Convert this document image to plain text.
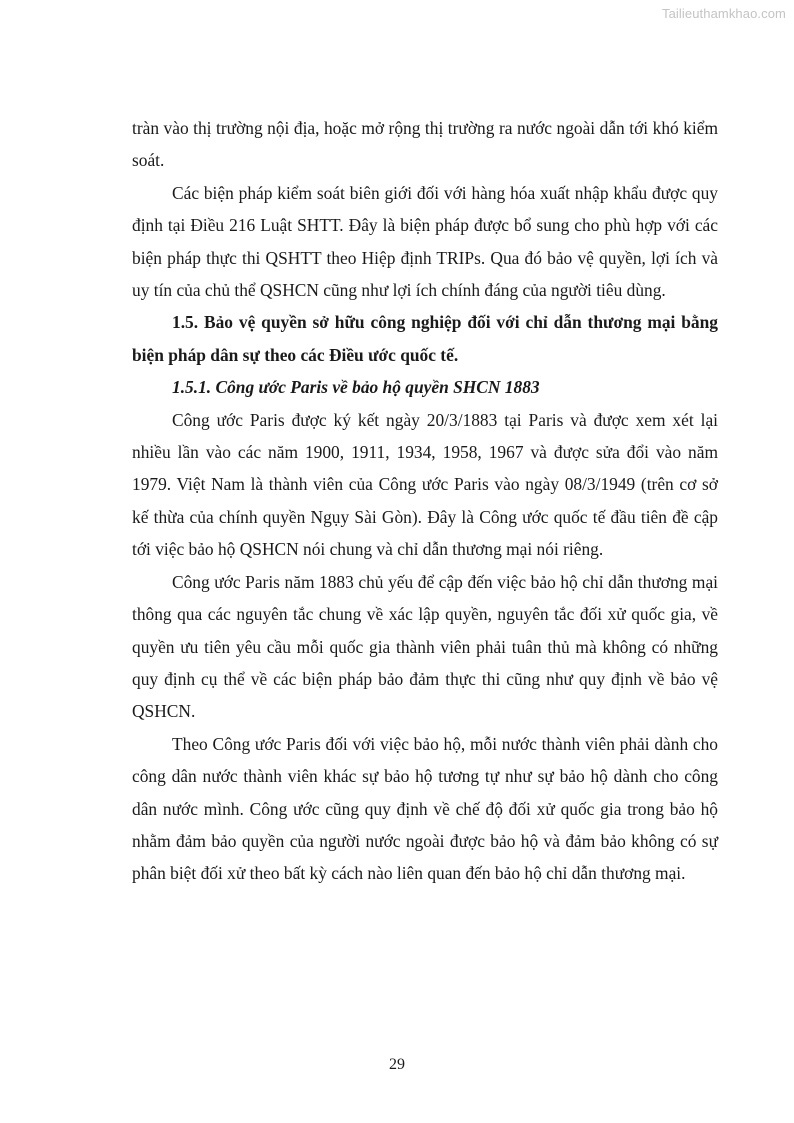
Tailieuthamkhao.com

tràn vào thị trường nội địa, hoặc mở rộng thị trường ra nước ngoài dẫn tới khó kiểm soát.

Các biện pháp kiểm soát biên giới đối với hàng hóa xuất nhập khẩu được quy định tại Điều 216 Luật SHTT. Đây là biện pháp được bổ sung cho phù hợp với các biện pháp thực thi QSHTT theo Hiệp định TRIPs. Qua đó bảo vệ quyền, lợi ích và uy tín của chủ thể QSHCN cũng như lợi ích chính đáng của người tiêu dùng.

1.5. Bảo vệ quyền sở hữu công nghiệp đối với chỉ dẫn thương mại bằng biện pháp dân sự theo các Điều ước quốc tế.

1.5.1. Công ước Paris về bảo hộ quyền SHCN 1883

Công ước Paris được ký kết ngày 20/3/1883 tại Paris và được xem xét lại nhiều lần vào các năm 1900, 1911, 1934, 1958, 1967 và được sửa đổi vào năm 1979. Việt Nam là thành viên của Công ước Paris vào ngày 08/3/1949 (trên cơ sở kế thừa của chính quyền Ngụy Sài Gòn). Đây là Công ước quốc tế đầu tiên đề cập tới việc bảo hộ QSHCN nói chung và chỉ dẫn thương mại nói riêng.

Công ước Paris năm 1883 chủ yếu để cập đến việc bảo hộ chỉ dẫn thương mại thông qua các nguyên tắc chung về xác lập quyền, nguyên tắc đối xử quốc gia, về quyền ưu tiên yêu cầu mỗi quốc gia thành viên phải tuân thủ mà không có những quy định cụ thể về các biện pháp bảo đảm thực thi cũng như quy định về bảo vệ QSHCN.

Theo Công ước Paris đối với việc bảo hộ, mỗi nước thành viên phải dành cho công dân nước thành viên khác sự bảo hộ tương tự như sự bảo hộ dành cho công dân nước mình. Công ước cũng quy định về chế độ đối xử quốc gia trong bảo hộ nhằm đảm bảo quyền của người nước ngoài được bảo hộ và đảm bảo không có sự phân biệt đối xử theo bất kỳ cách nào liên quan đến bảo hộ chỉ dẫn thương mại.

29
